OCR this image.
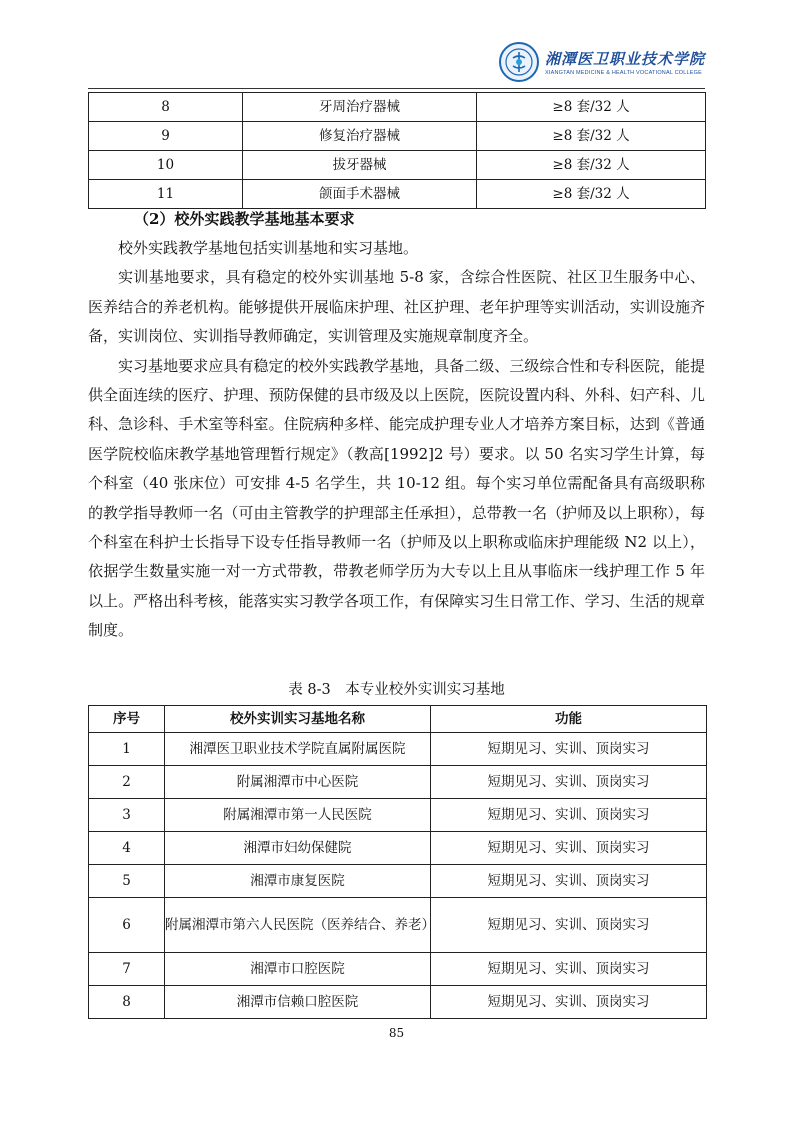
湘潭医卫职业技术学院
XIANGTAN MEDICINE & HEALTH VOCATIONAL COLLEGE
8	牙周治疗器械	≥8 套/32 人
9	修复治疗器械	≥8 套/32 人
10	拔牙器械	≥8 套/32 人
11	颌面手术器械	≥8 套/32 人
（2）校外实践教学基地基本要求

校外实践教学基地包括实训基地和实习基地。

实训基地要求，具有稳定的校外实训基地 5-8 家，含综合性医院、社区卫生服务中心、医养结合的养老机构。能够提供开展临床护理、社区护理、老年护理等实训活动，实训设施齐备，实训岗位、实训指导教师确定，实训管理及实施规章制度齐全。

实习基地要求应具有稳定的校外实践教学基地，具备二级、三级综合性和专科医院，能提供全面连续的医疗、护理、预防保健的县市级及以上医院，医院设置内科、外科、妇产科、儿科、急诊科、手术室等科室。住院病种多样、能完成护理专业人才培养方案目标，达到《普通医学院校临床教学基地管理暂行规定》（教高[1992]2 号）要求。以 50 名实习学生计算，每个科室（40 张床位）可安排 4-5 名学生，共 10-12 组。每个实习单位需配备具有高级职称的教学指导教师一名（可由主管教学的护理部主任承担），总带教一名（护师及以上职称），每个科室在科护士长指导下设专任指导教师一名（护师及以上职称或临床护理能级 N2 以上），依据学生数量实施一对一方式带教，带教老师学历为大专以上且从事临床一线护理工作 5 年以上。严格出科考核，能落实实习教学各项工作，有保障实习生日常工作、学习、生活的规章制度。

表 8-3　本专业校外实训实习基地
序号	校外实训实习基地名称	功能
1	湘潭医卫职业技术学院直属附属医院	短期见习、实训、顶岗实习
2	附属湘潭市中心医院	短期见习、实训、顶岗实习
3	附属湘潭市第一人民医院	短期见习、实训、顶岗实习
4	湘潭市妇幼保健院	短期见习、实训、顶岗实习
5	湘潭市康复医院	短期见习、实训、顶岗实习
6	附属湘潭市第六人民医院（医养结合、养老）	短期见习、实训、顶岗实习
7	湘潭市口腔医院	短期见习、实训、顶岗实习
8	湘潭市信赖口腔医院	短期见习、实训、顶岗实习
85
